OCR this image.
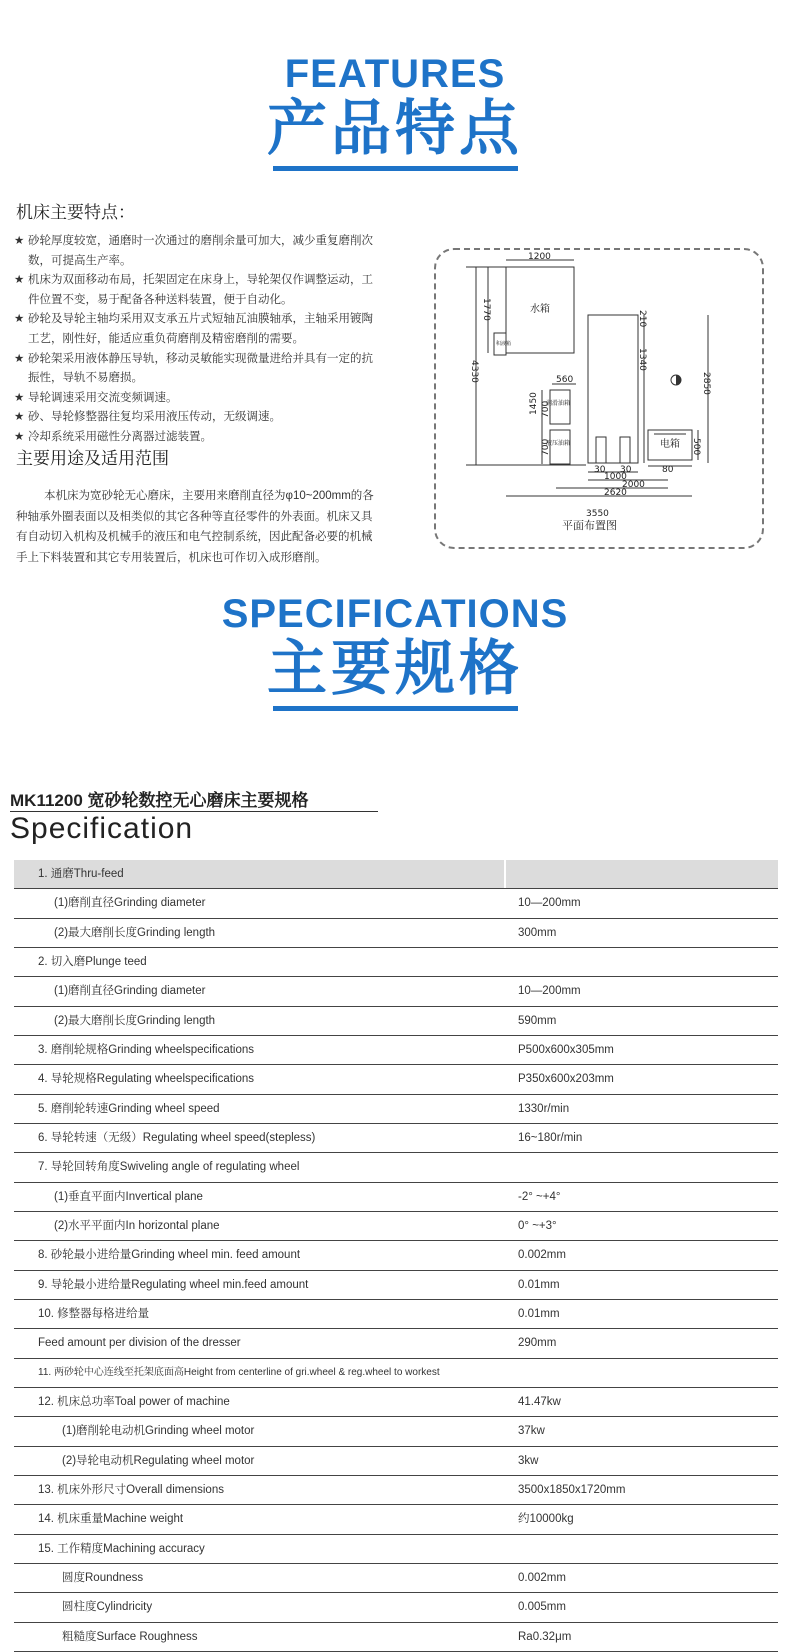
FEATURES
产品特点
机床主要特点：
★ 砂轮厚度较宽，通磨时一次通过的磨削余量可加大，减少重复磨削次数，可提高生产率。
★ 机床为双面移动布局，托架固定在床身上，导轮架仅作调整运动，工件位置不变，易于配备各种送料装置，便于自动化。
★ 砂轮及导轮主轴均采用双支承五片式短轴瓦油膜轴承，主轴采用镀陶工艺，刚性好，能适应重负荷磨削及精密磨削的需要。
★ 砂轮架采用液体静压导轨，移动灵敏能实现微量进给并具有一定的抗振性，导轨不易磨损。
★ 导轮调速采用交流变频调速。
★ 砂、导轮修整器往复均采用液压传动，无级调速。
★ 冷却系统采用磁性分离器过滤装置。
主要用途及适用范围
本机床为宽砂轮无心磨床，主要用来磨削直径为φ10~200mm的各种轴承外圈表面以及相类似的其它各种等直径零件的外表面。机床又具有自动切入机构及机械手的液压和电气控制系统，因此配备必要的机械手上下料装置和其它专用装置后，机床也可作切入成形磨削。
1200
水箱
润滑油箱
液压油箱
积液箱
电箱
560
30 30
1000
80
2000
2620
3550
平面布置图
1770
4330
1450 700
700
210
1340
2850
500
SPECIFICATIONS
主要规格
MK11200 宽砂轮数控无心磨床主要规格
Specification
1. 通磨Thru-feed
(1)磨削直径Grinding diameter	10—200mm
(2)最大磨削长度Grinding length	300mm
2. 切入磨Plunge teed
(1)磨削直径Grinding diameter	10—200mm
(2)最大磨削长度Grinding length	590mm
3. 磨削轮规格Grinding wheelspecifications	P500x600x305mm
4. 导轮规格Regulating wheelspecifications	P350x600x203mm
5. 磨削轮转速Grinding wheel speed	1330r/min
6. 导轮转速（无级）Regulating wheel speed(stepless)	16~180r/min
7. 导轮回转角度Swiveling angle of regulating wheel
(1)垂直平面内Invertical plane	-2° ~+4°
(2)水平平面内In horizontal plane	0° ~+3°
8. 砂轮最小进给量Grinding wheel min. feed amount	0.002mm
9. 导轮最小进给量Regulating wheel min.feed amount	0.01mm
10. 修整器每格进给量	0.01mm
Feed amount per division of the dresser	290mm
11. 两砂轮中心连线至托架底面高Height from centerline of gri.wheel & reg.wheel to workest
12. 机床总功率Toal power of machine	41.47kw
(1)磨削轮电动机Grinding wheel motor	37kw
(2)导轮电动机Regulating wheel motor	3kw
13. 机床外形尺寸Overall dimensions	3500x1850x1720mm
14. 机床重量Machine weight	约10000kg
15. 工作精度Machining accuracy
圆度Roundness	0.002mm
圆柱度Cylindricity	0.005mm
粗糙度Surface Roughness	Ra0.32μm
